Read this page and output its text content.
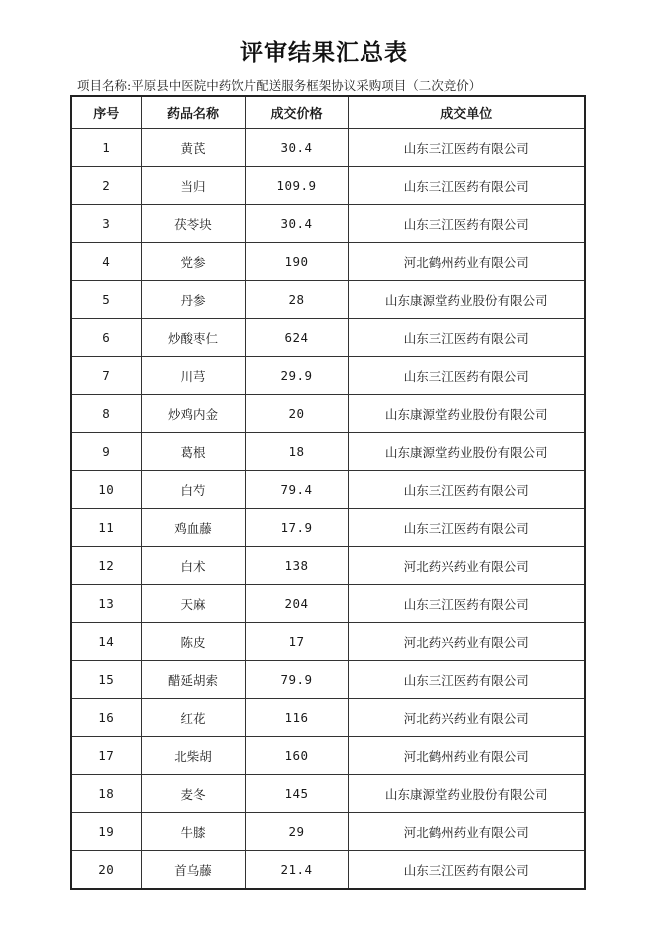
评审结果汇总表
项目名称:平原县中医院中药饮片配送服务框架协议采购项目（二次竞价）
序号	药品名称	成交价格	成交单位
1	黄芪	30.4	山东三江医药有限公司
2	当归	109.9	山东三江医药有限公司
3	茯苓块	30.4	山东三江医药有限公司
4	党参	190	河北鹤州药业有限公司
5	丹参	28	山东康源堂药业股份有限公司
6	炒酸枣仁	624	山东三江医药有限公司
7	川芎	29.9	山东三江医药有限公司
8	炒鸡内金	20	山东康源堂药业股份有限公司
9	葛根	18	山东康源堂药业股份有限公司
10	白芍	79.4	山东三江医药有限公司
11	鸡血藤	17.9	山东三江医药有限公司
12	白术	138	河北药兴药业有限公司
13	天麻	204	山东三江医药有限公司
14	陈皮	17	河北药兴药业有限公司
15	醋延胡索	79.9	山东三江医药有限公司
16	红花	116	河北药兴药业有限公司
17	北柴胡	160	河北鹤州药业有限公司
18	麦冬	145	山东康源堂药业股份有限公司
19	牛膝	29	河北鹤州药业有限公司
20	首乌藤	21.4	山东三江医药有限公司
